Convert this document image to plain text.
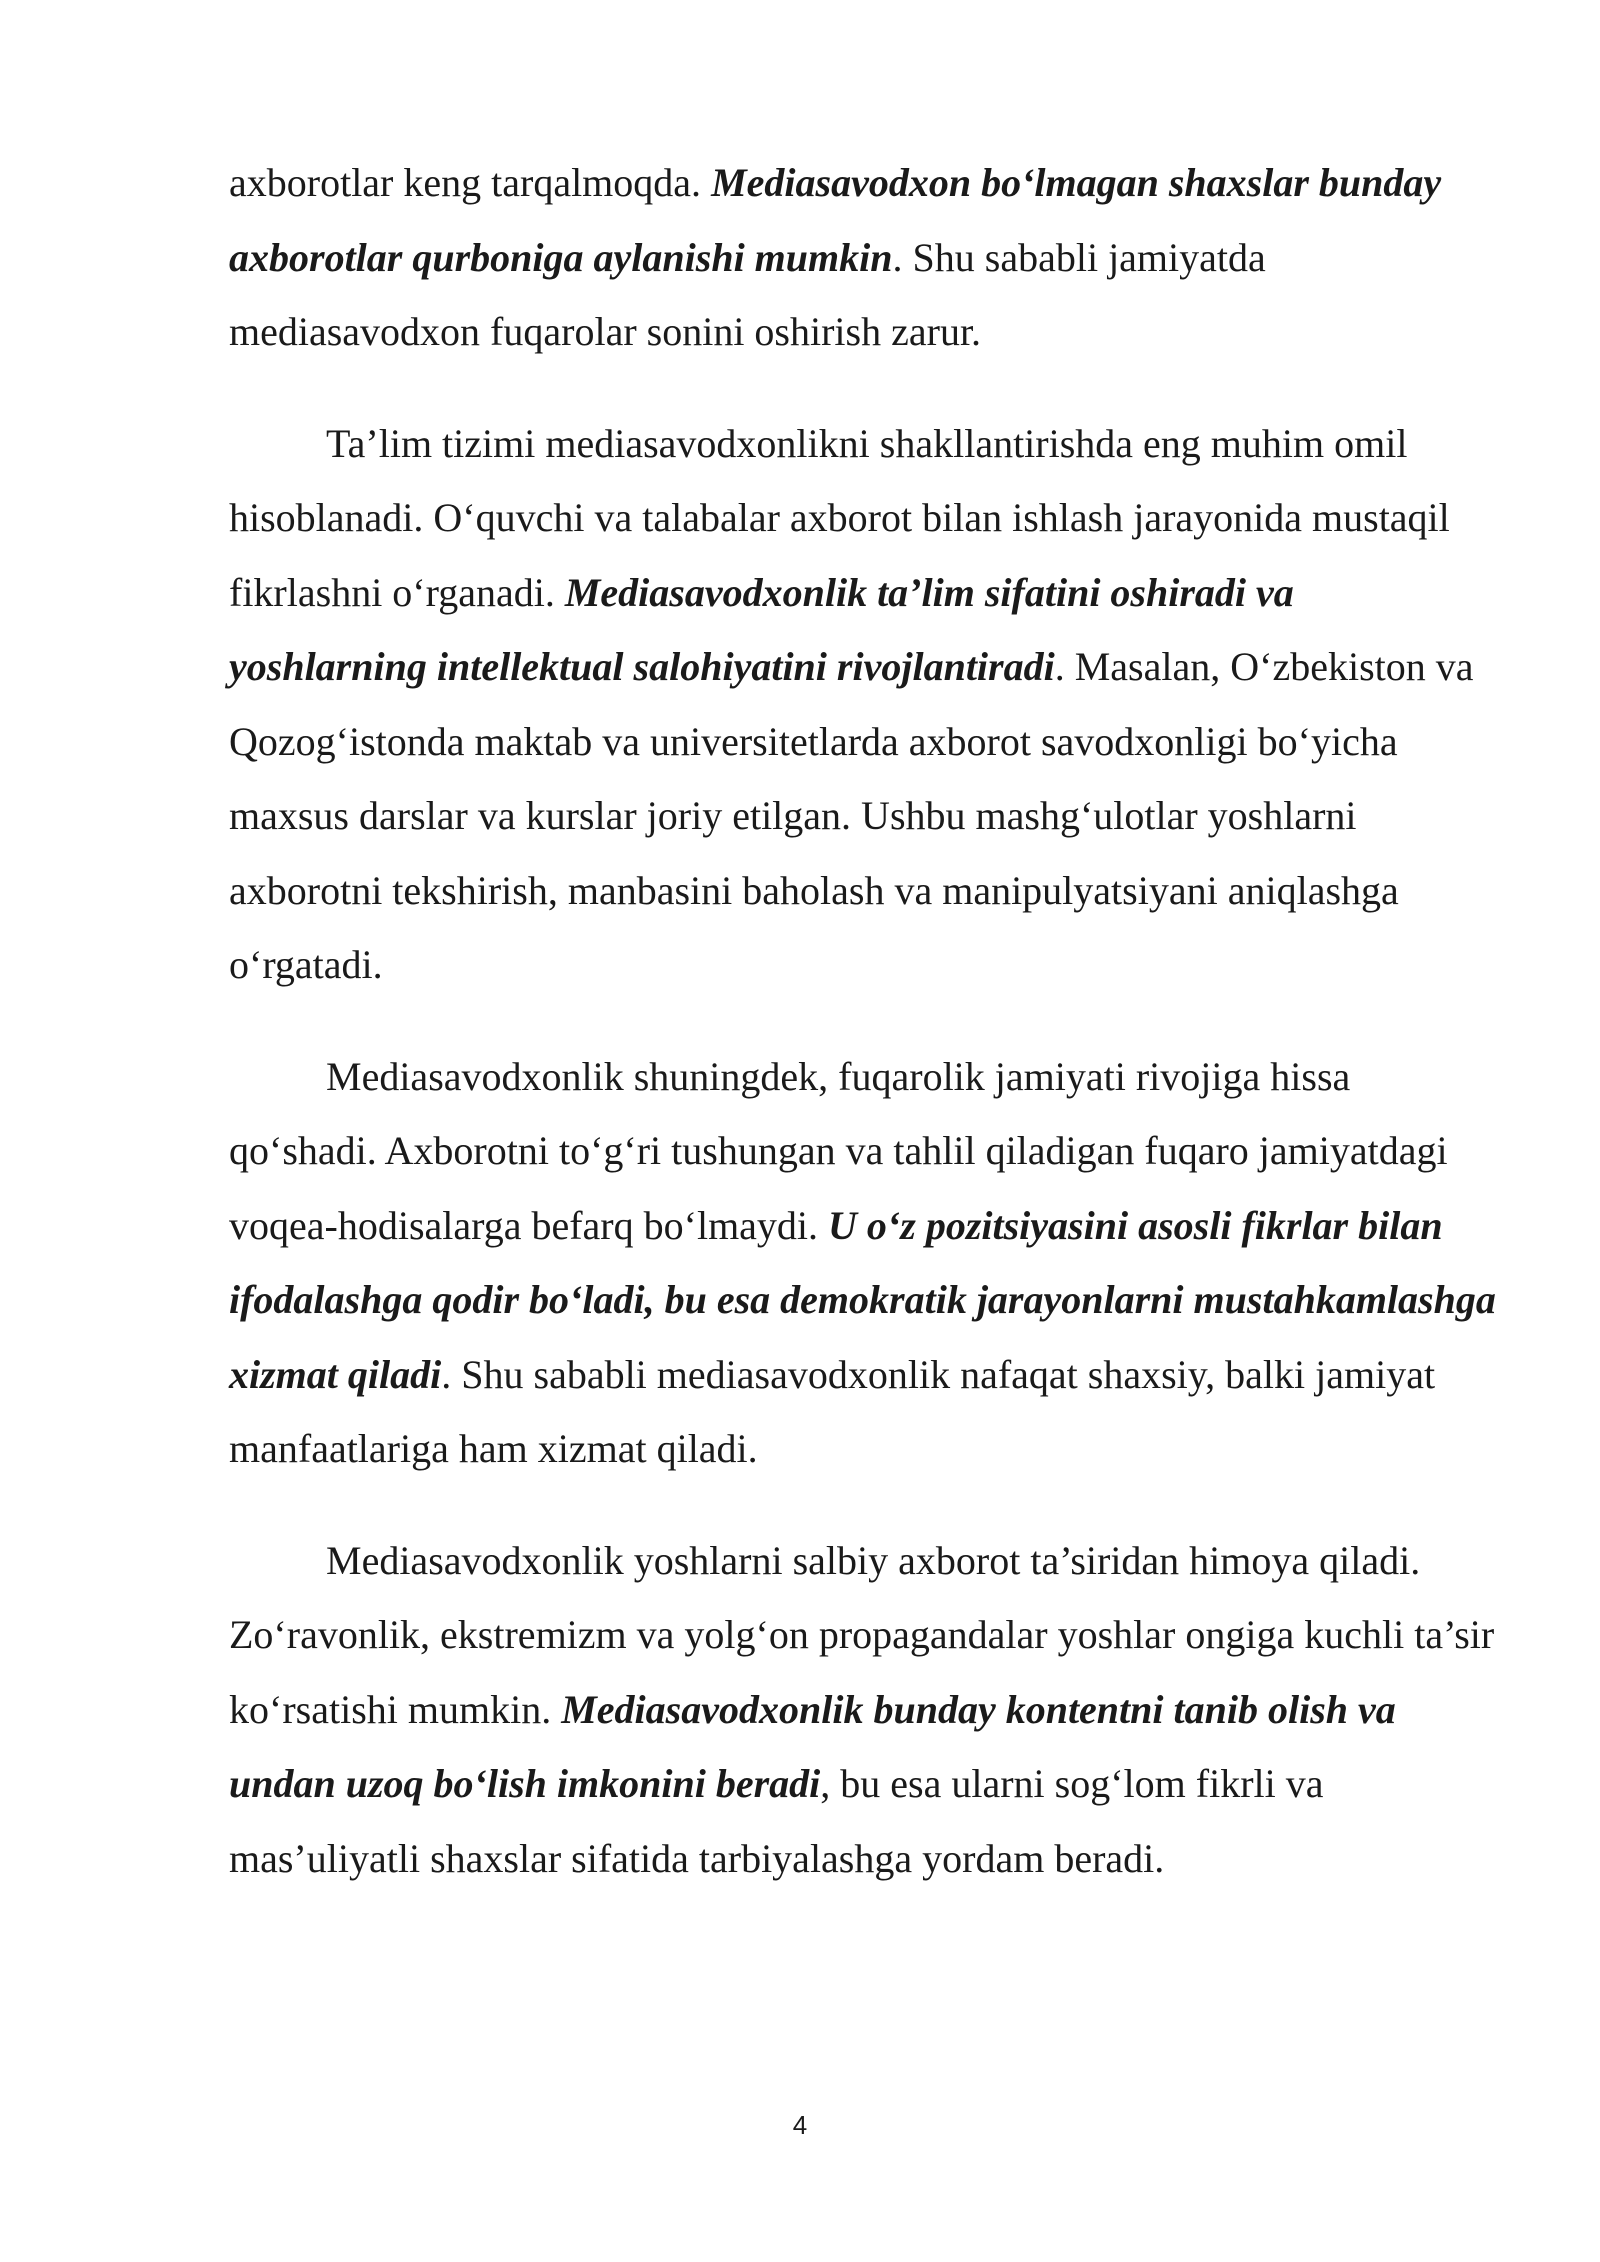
axborotlar keng tarqalmoqda. Mediasavodxon bo‘lmagan shaxslar bunday axborotlar qurboniga aylanishi mumkin. Shu sababli jamiyatda mediasavodxon fuqarolar sonini oshirish zarur.

Ta’lim tizimi mediasavodxonlikni shakllantirishda eng muhim omil hisoblanadi. O‘quvchi va talabalar axborot bilan ishlash jarayonida mustaqil fikrlashni o‘rganadi. Mediasavodxonlik ta’lim sifatini oshiradi va yoshlarning intellektual salohiyatini rivojlantiradi. Masalan, O‘zbekiston va Qozog‘istonda maktab va universitetlarda axborot savodxonligi bo‘yicha maxsus darslar va kurslar joriy etilgan. Ushbu mashg‘ulotlar yoshlarni axborotni tekshirish, manbasini baholash va manipulyatsiyani aniqlashga o‘rgatadi.

Mediasavodxonlik shuningdek, fuqarolik jamiyati rivojiga hissa qo‘shadi. Axborotni to‘g‘ri tushungan va tahlil qiladigan fuqaro jamiyatdagi voqea-hodisalarga befarq bo‘lmaydi. U o‘z pozitsiyasini asosli fikrlar bilan ifodalashga qodir bo‘ladi, bu esa demokratik jarayonlarni mustahkamlashga xizmat qiladi. Shu sababli mediasavodxonlik nafaqat shaxsiy, balki jamiyat manfaatlariga ham xizmat qiladi.

Mediasavodxonlik yoshlarni salbiy axborot ta’siridan himoya qiladi. Zo‘ravonlik, ekstremizm va yolg‘on propagandalar yoshlar ongiga kuchli ta’sir ko‘rsatishi mumkin. Mediasavodxonlik bunday kontentni tanib olish va undan uzoq bo‘lish imkonini beradi, bu esa ularni sog‘lom fikrli va mas’uliyatli shaxslar sifatida tarbiyalashga yordam beradi.

4
